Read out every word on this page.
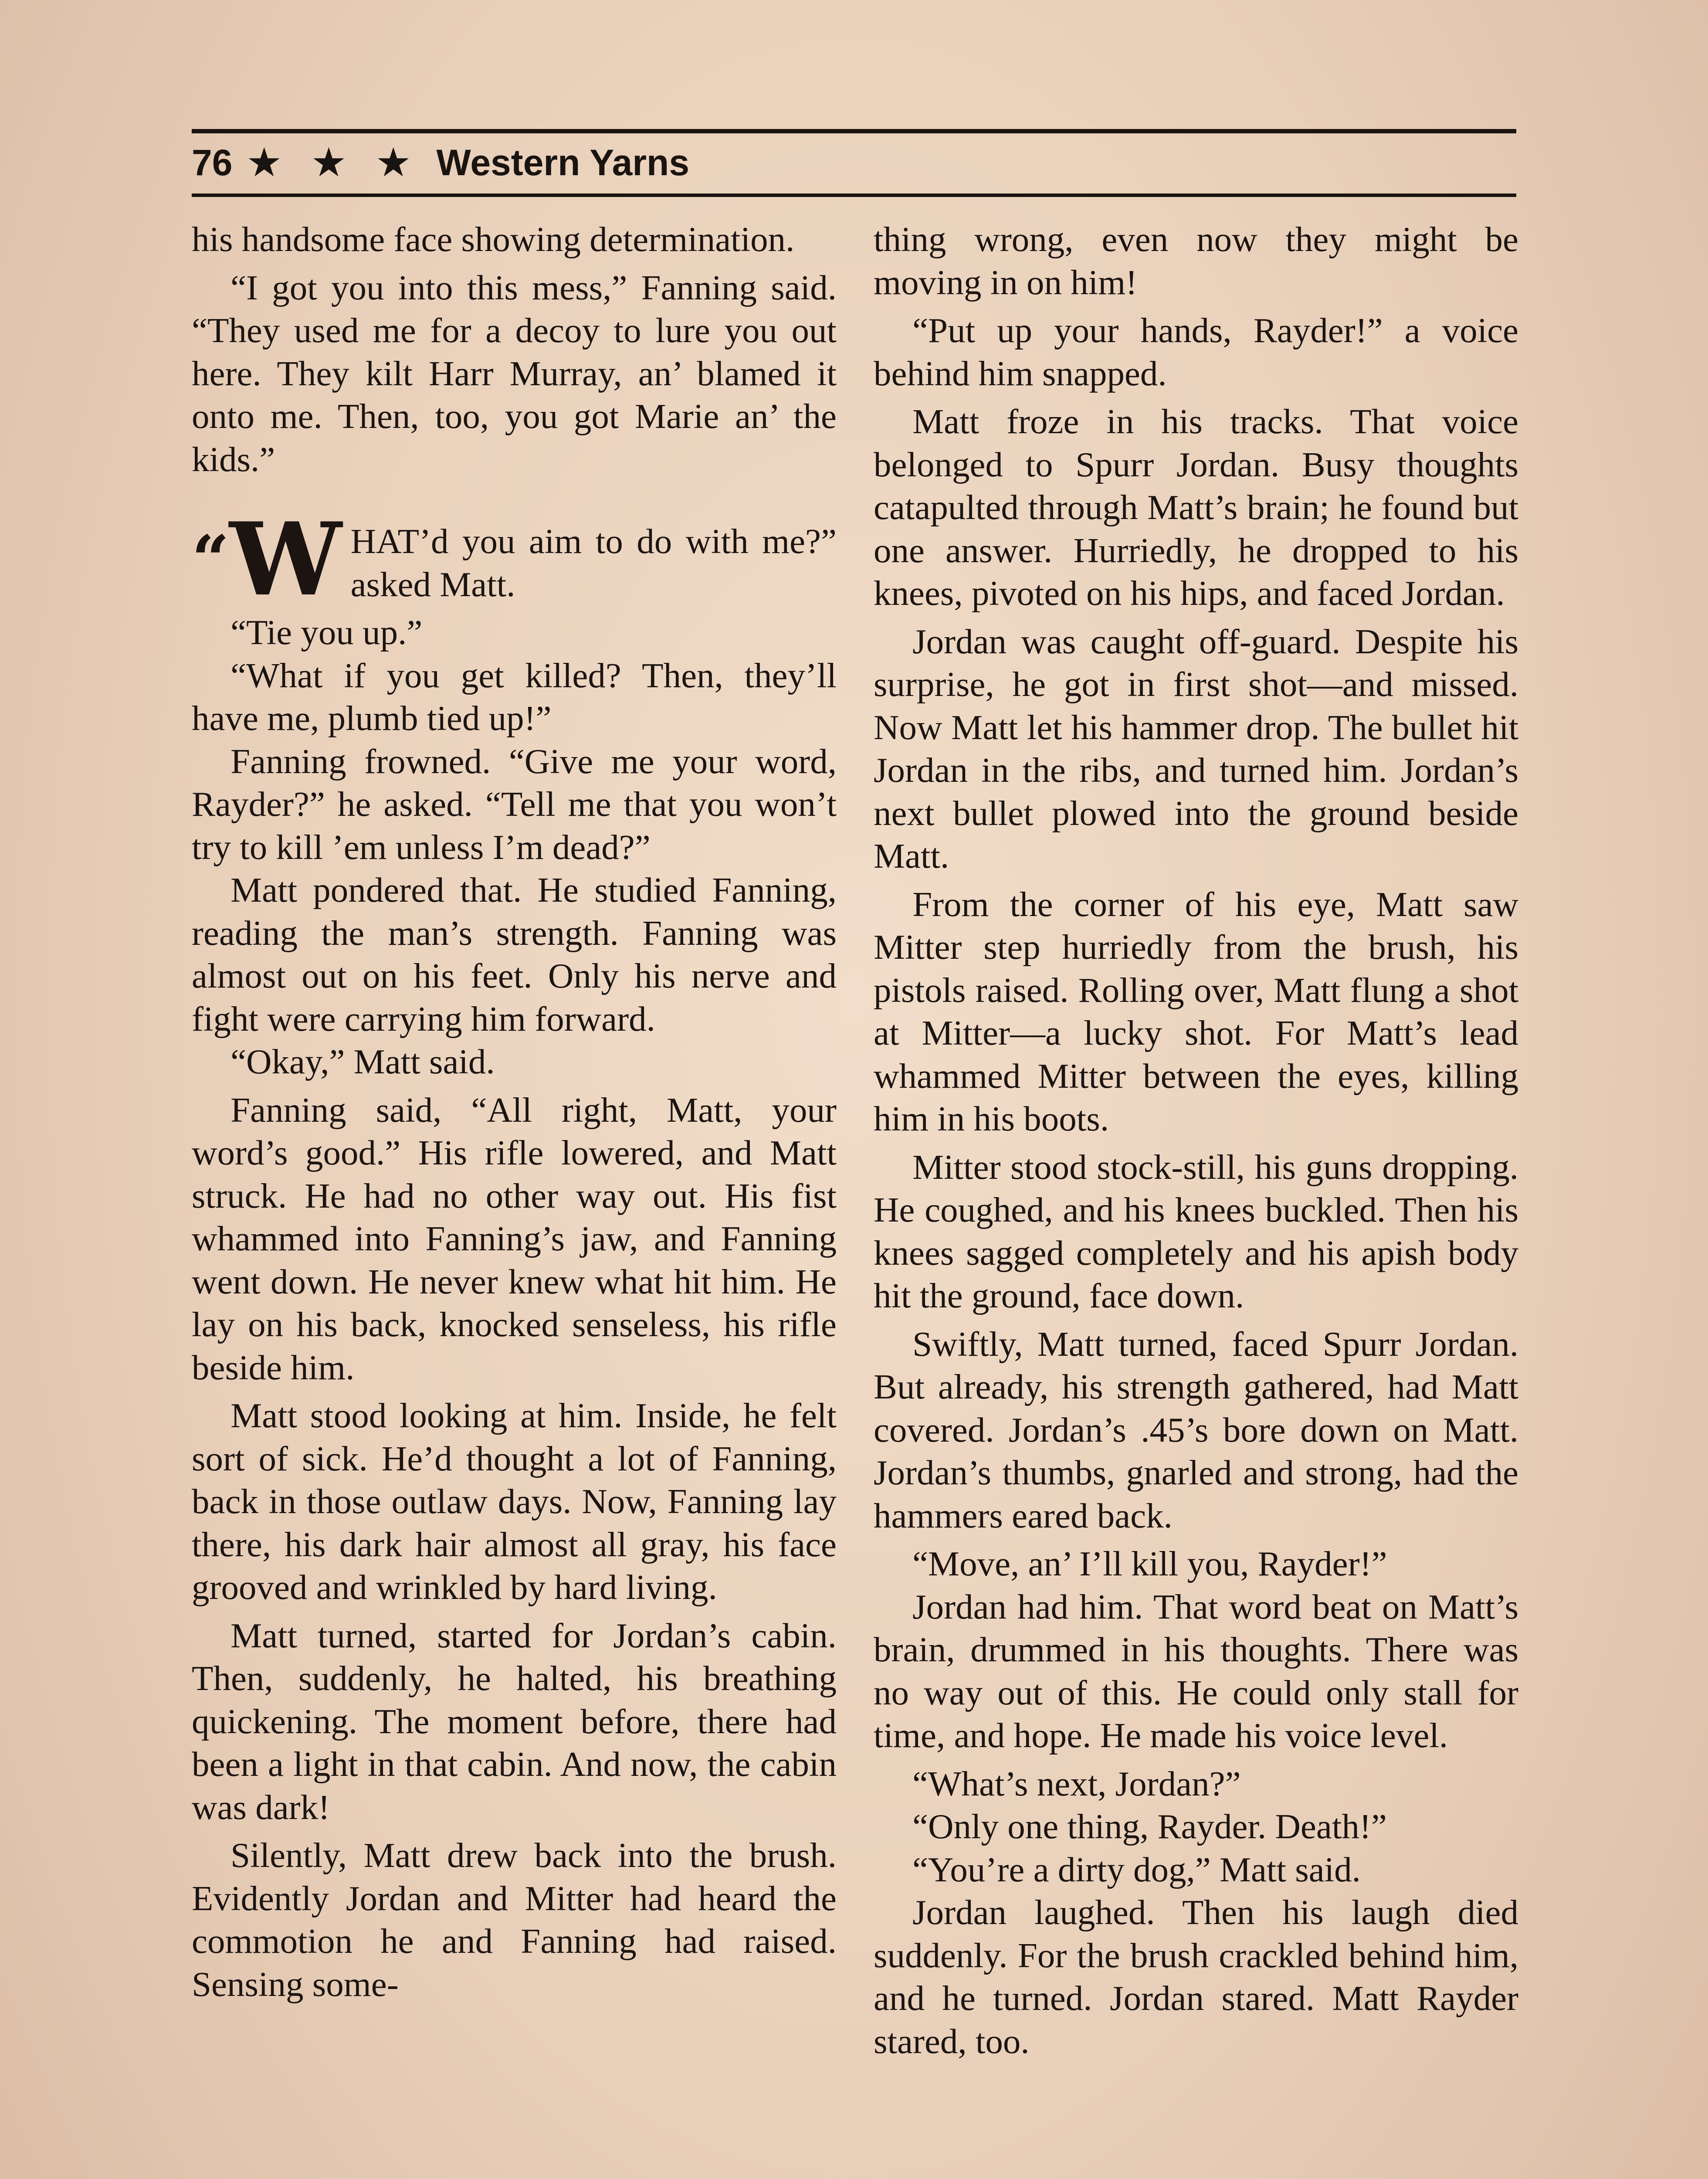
76 ★ ★ ★ Western Yarns

his handsome face showing determination.

“I got you into this mess,” Fanning said. “They used me for a decoy to lure you out here. They kilt Harr Murray, an’ blamed it onto me. Then, too, you got Marie an’ the kids.”

“W HAT’d you aim to do with me?” asked Matt.

“Tie you up.”

“What if you get killed? Then, they’ll have me, plumb tied up!”

Fanning frowned. “Give me your word, Rayder?” he asked. “Tell me that you won’t try to kill ’em unless I’m dead?”

Matt pondered that. He studied Fanning, reading the man’s strength. Fanning was almost out on his feet. Only his nerve and fight were carrying him forward.

“Okay,” Matt said.

Fanning said, “All right, Matt, your word’s good.” His rifle lowered, and Matt struck. He had no other way out. His fist whammed into Fanning’s jaw, and Fanning went down. He never knew what hit him. He lay on his back, knocked senseless, his rifle beside him.

Matt stood looking at him. Inside, he felt sort of sick. He’d thought a lot of Fanning, back in those outlaw days. Now, Fanning lay there, his dark hair almost all gray, his face grooved and wrinkled by hard living.

Matt turned, started for Jordan’s cabin. Then, suddenly, he halted, his breathing quickening. The moment before, there had been a light in that cabin. And now, the cabin was dark!

Silently, Matt drew back into the brush. Evidently Jordan and Mitter had heard the commotion he and Fanning had raised. Sensing some-

thing wrong, even now they might be moving in on him!

“Put up your hands, Rayder!” a voice behind him snapped.

Matt froze in his tracks. That voice belonged to Spurr Jordan. Busy thoughts catapulted through Matt’s brain; he found but one answer. Hurriedly, he dropped to his knees, pivoted on his hips, and faced Jordan.

Jordan was caught off-guard. Despite his surprise, he got in first shot—and missed. Now Matt let his hammer drop. The bullet hit Jordan in the ribs, and turned him. Jordan’s next bullet plowed into the ground beside Matt.

From the corner of his eye, Matt saw Mitter step hurriedly from the brush, his pistols raised. Rolling over, Matt flung a shot at Mitter—a lucky shot. For Matt’s lead whammed Mitter between the eyes, killing him in his boots.

Mitter stood stock-still, his guns dropping. He coughed, and his knees buckled. Then his knees sagged completely and his apish body hit the ground, face down.

Swiftly, Matt turned, faced Spurr Jordan. But already, his strength gathered, had Matt covered. Jordan’s .45’s bore down on Matt. Jordan’s thumbs, gnarled and strong, had the hammers eared back.

“Move, an’ I’ll kill you, Rayder!”

Jordan had him. That word beat on Matt’s brain, drummed in his thoughts. There was no way out of this. He could only stall for time, and hope. He made his voice level.

“What’s next, Jordan?”

“Only one thing, Rayder. Death!”

“You’re a dirty dog,” Matt said.

Jordan laughed. Then his laugh died suddenly. For the brush crackled behind him, and he turned. Jordan stared. Matt Rayder stared, too.
